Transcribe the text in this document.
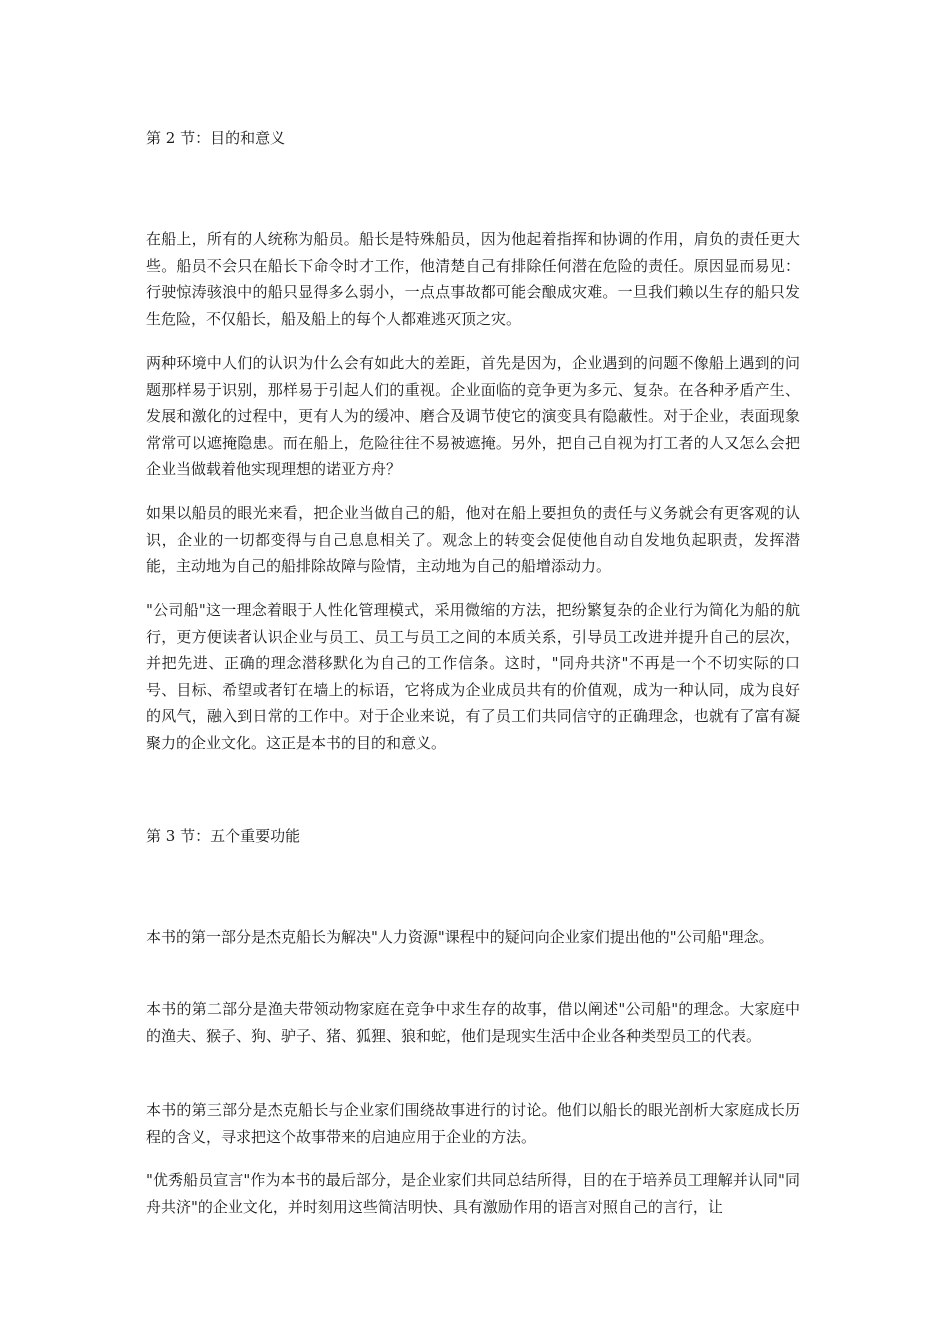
第 2 节：目的和意义

在船上，所有的人统称为船员。船长是特殊船员，因为他起着指挥和协调的作用，肩负的责任更大些。船员不会只在船长下命令时才工作，他清楚自己有排除任何潜在危险的责任。原因显而易见：行驶惊涛骇浪中的船只显得多么弱小，一点点事故都可能会酿成灾难。一旦我们赖以生存的船只发生危险，不仅船长，船及船上的每个人都难逃灭顶之灾。

两种环境中人们的认识为什么会有如此大的差距，首先是因为，企业遇到的问题不像船上遇到的问题那样易于识别，那样易于引起人们的重视。企业面临的竞争更为多元、复杂。在各种矛盾产生、发展和激化的过程中，更有人为的缓冲、磨合及调节使它的演变具有隐蔽性。对于企业，表面现象常常可以遮掩隐患。而在船上，危险往往不易被遮掩。另外，把自己自视为打工者的人又怎么会把企业当做载着他实现理想的诺亚方舟？

如果以船员的眼光来看，把企业当做自己的船，他对在船上要担负的责任与义务就会有更客观的认识，企业的一切都变得与自己息息相关了。观念上的转变会促使他自动自发地负起职责，发挥潜能，主动地为自己的船排除故障与险情，主动地为自己的船增添动力。

"公司船"这一理念着眼于人性化管理模式，采用微缩的方法，把纷繁复杂的企业行为简化为船的航行，更方便读者认识企业与员工、员工与员工之间的本质关系，引导员工改进并提升自己的层次，并把先进、正确的理念潜移默化为自己的工作信条。这时，"同舟共济"不再是一个不切实际的口号、目标、希望或者钉在墙上的标语，它将成为企业成员共有的价值观，成为一种认同，成为良好的风气，融入到日常的工作中。对于企业来说，有了员工们共同信守的正确理念，也就有了富有凝聚力的企业文化。这正是本书的目的和意义。

第 3 节：五个重要功能

本书的第一部分是杰克船长为解决"人力资源"课程中的疑问向企业家们提出他的"公司船"理念。

本书的第二部分是渔夫带领动物家庭在竞争中求生存的故事，借以阐述"公司船"的理念。大家庭中的渔夫、猴子、狗、驴子、猪、狐狸、狼和蛇，他们是现实生活中企业各种类型员工的代表。

本书的第三部分是杰克船长与企业家们围绕故事进行的讨论。他们以船长的眼光剖析大家庭成长历程的含义，寻求把这个故事带来的启迪应用于企业的方法。

"优秀船员宣言"作为本书的最后部分，是企业家们共同总结所得，目的在于培养员工理解并认同"同舟共济"的企业文化，并时刻用这些简洁明快、具有激励作用的语言对照自己的言行，让
